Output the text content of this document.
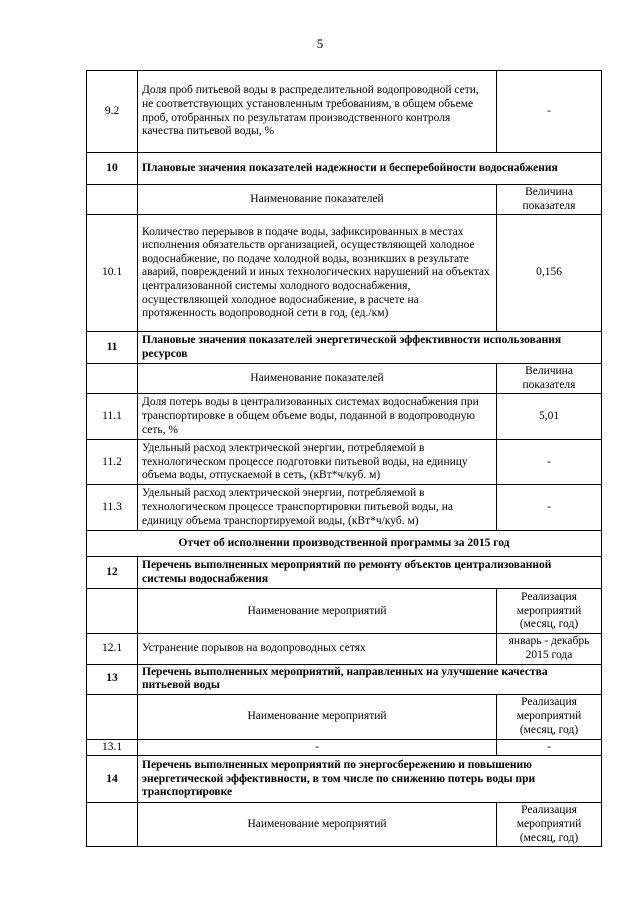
5
9.2	Доля проб питьевой воды в распределительной водопроводной сети, не соответствующих установленным требованиям, в общем объеме проб, отобранных по результатам производственного контроля качества питьевой воды, %	-
10	Плановые значения показателей надежности и бесперебойности водоснабжения	
	Наименование показателей	Величина показателя
10.1	Количество перерывов в подаче воды, зафиксированных в местах исполнения обязательств организацией, осуществляющей холодное водоснабжение, по подаче холодной воды, возникших в результате аварий, повреждений и иных технологических нарушений на объектах централизованной системы холодного водоснабжения, осуществляющей холодное водоснабжение, в расчете на протяженность водопроводной сети в год, (ед./км)	0,156
11	Плановые значения показателей энергетической эффективности использования ресурсов	
	Наименование показателей	Величина показателя
11.1	Доля потерь воды в централизованных системах водоснабжения при транспортировке в общем объеме воды, поданной в водопроводную сеть, %	5,01
11.2	Удельный расход электрической энергии, потребляемой в технологическом процессе подготовки питьевой воды, на единицу объема воды, отпускаемой в сеть, (кВт*ч/куб. м)	-
11.3	Удельный расход электрической энергии, потребляемой в технологическом процессе транспортировки питьевой воды, на единицу объема транспортируемой воды, (кВт*ч/куб. м)	-
Отчет об исполнении производственной программы за 2015 год		
12	Перечень выполненных мероприятий по ремонту объектов централизованной системы водоснабжения	
	Наименование мероприятий	Реализация мероприятий (месяц, год)
12.1	Устранение порывов на водопроводных сетях	январь - декабрь 2015 года
13	Перечень выполненных мероприятий, направленных на улучшение качества питьевой воды	
	Наименование мероприятий	Реализация мероприятий (месяц, год)
13.1	-	-
14	Перечень выполненных мероприятий по энергосбережению и повышению энергетической эффективности, в том числе по снижению потерь воды при транспортировке	
	Наименование мероприятий	Реализация мероприятий (месяц, год)
